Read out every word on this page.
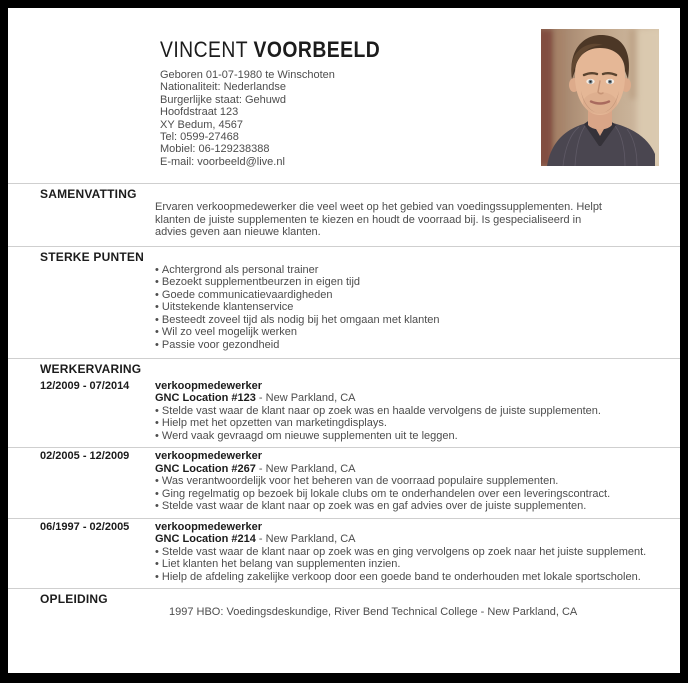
VINCENT VOORBEELD
Geboren 01-07-1980 te Winschoten
Nationaliteit: Nederlandse
Burgerlijke staat: Gehuwd
Hoofdstraat 123
XY Bedum, 4567
Tel: 0599-27468
Mobiel: 06-129238388
E-mail: voorbeeld@live.nl
SAMENVATTING

Ervaren verkoopmedewerker die veel weet op het gebied van voedingssupplementen. Helpt klanten de juiste supplementen te kiezen en houdt de voorraad bij. Is gespecialiseerd in advies geven aan nieuwe klanten.

STERKE PUNTEN
• Achtergrond als personal trainer
• Bezoekt supplementbeurzen in eigen tijd
• Goede communicatievaardigheden
• Uitstekende klantenservice
• Besteedt zoveel tijd als nodig bij het omgaan met klanten
• Wil zo veel mogelijk werken
• Passie voor gezondheid
WERKERVARING
12/2009 - 07/2014	verkoopmedewerker
GNC Location #123 - New Parkland, CA
• Stelde vast waar de klant naar op zoek was en haalde vervolgens de juiste supplementen.
• Hielp met het opzetten van marketingdisplays.
• Werd vaak gevraagd om nieuwe supplementen uit te leggen.
02/2005 - 12/2009	verkoopmedewerker
GNC Location #267 - New Parkland, CA
• Was verantwoordelijk voor het beheren van de voorraad populaire supplementen.
• Ging regelmatig op bezoek bij lokale clubs om te onderhandelen over een leveringscontract.
• Stelde vast waar de klant naar op zoek was en gaf advies over de juiste supplementen.
06/1997 - 02/2005	verkoopmedewerker
GNC Location #214 - New Parkland, CA
• Stelde vast waar de klant naar op zoek was en ging vervolgens op zoek naar het juiste supplement.
• Liet klanten het belang van supplementen inzien.
• Hielp de afdeling zakelijke verkoop door een goede band te onderhouden met lokale sportscholen.
OPLEIDING
1997 HBO: Voedingsdeskundige, River Bend Technical College - New Parkland, CA
